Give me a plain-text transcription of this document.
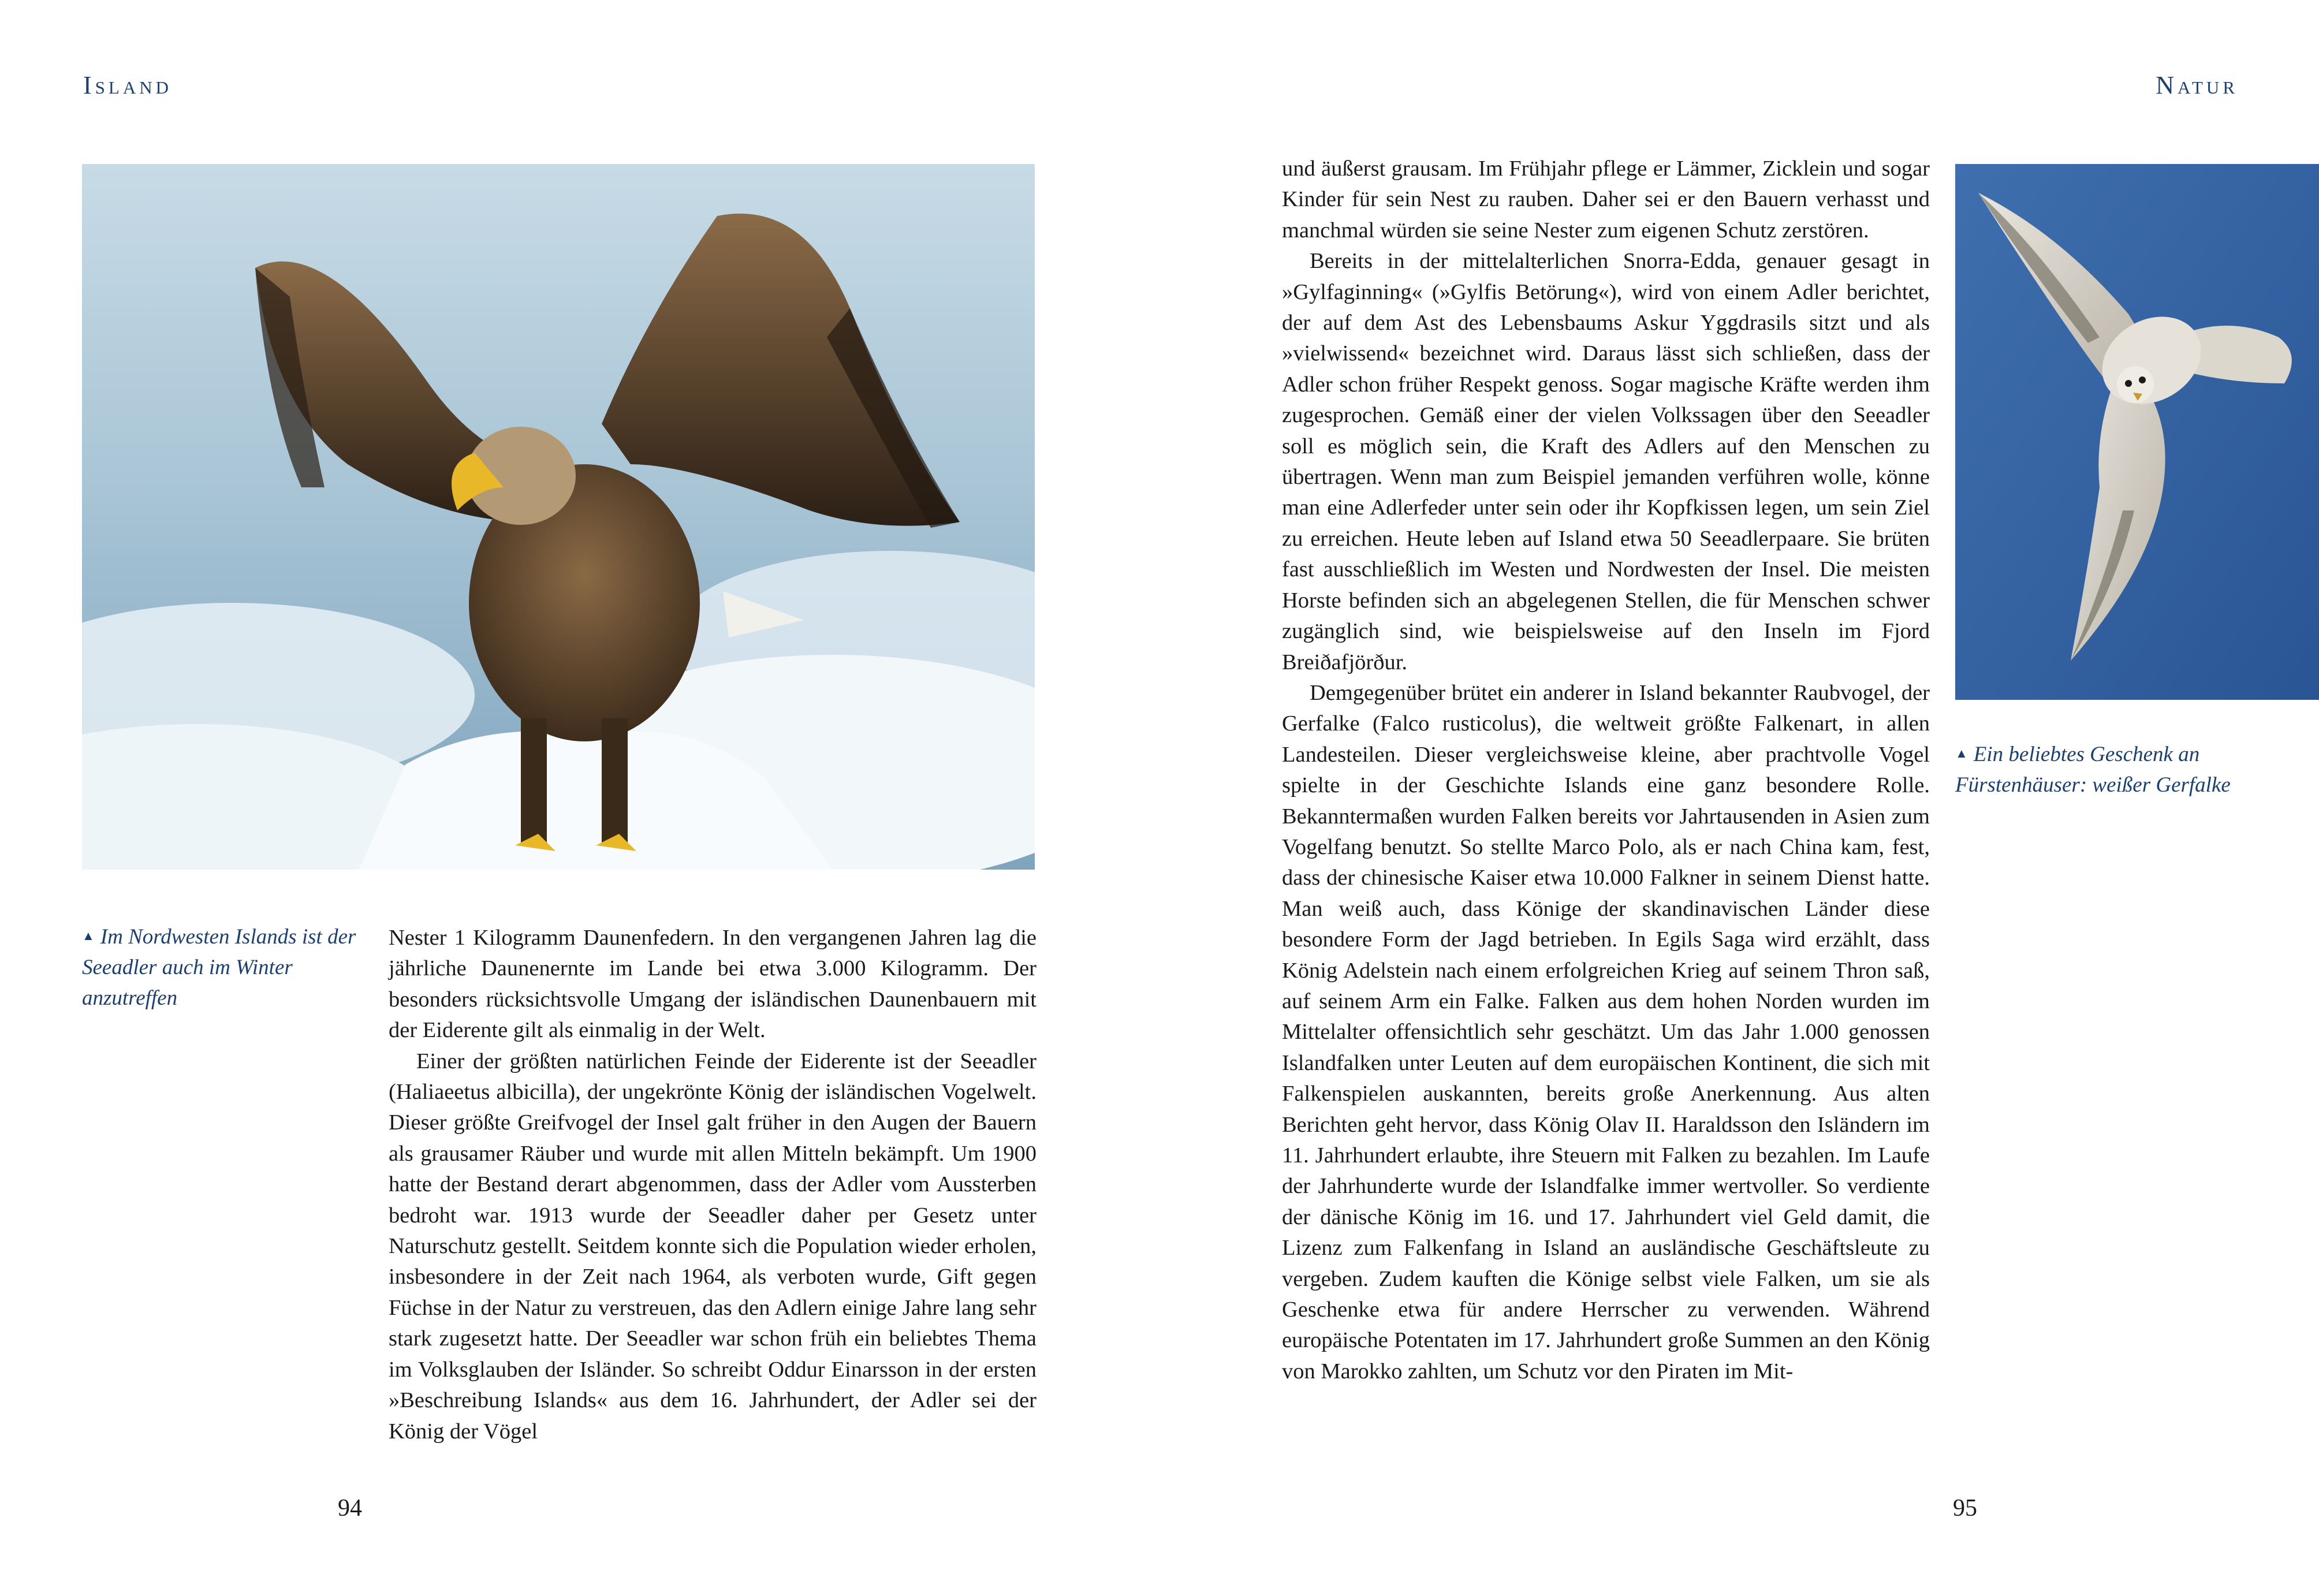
Island
▲ Im Nordwesten Islands ist der Seeadler auch im Winter anzutreffen

Nester 1 Kilogramm Daunenfedern. In den vergangenen Jahren lag die jährliche Daunenernte im Lande bei etwa 3.000 Kilogramm. Der besonders rücksichtsvolle Umgang der isländischen Daunenbauern mit der Eiderente gilt als einmalig in der Welt.

Einer der größten natürlichen Feinde der Eiderente ist der Seeadler (Haliaeetus albicilla), der ungekrönte König der isländischen Vogelwelt. Dieser größte Greifvogel der Insel galt früher in den Augen der Bauern als grausamer Räuber und wurde mit allen Mitteln bekämpft. Um 1900 hatte der Bestand derart abgenommen, dass der Adler vom Aussterben bedroht war. 1913 wurde der Seeadler daher per Gesetz unter Naturschutz gestellt. Seitdem konnte sich die Population wieder erholen, insbesondere in der Zeit nach 1964, als verboten wurde, Gift gegen Füchse in der Natur zu verstreuen, das den Adlern einige Jahre lang sehr stark zugesetzt hatte. Der Seeadler war schon früh ein beliebtes Thema im Volksglauben der Isländer. So schreibt Oddur Einarsson in der ersten »Beschreibung Islands« aus dem 16. Jahrhundert, der Adler sei der König der Vögel

94
Natur

und äußerst grausam. Im Frühjahr pflege er Lämmer, Zicklein und sogar Kinder für sein Nest zu rauben. Daher sei er den Bauern verhasst und manchmal würden sie seine Nester zum eigenen Schutz zerstören.

Bereits in der mittelalterlichen Snorra-Edda, genauer gesagt in »Gylfaginning« (»Gylfis Betörung«), wird von einem Adler berichtet, der auf dem Ast des Lebensbaums Askur Yggdrasils sitzt und als »vielwissend« bezeichnet wird. Daraus lässt sich schließen, dass der Adler schon früher Respekt genoss. Sogar magische Kräfte werden ihm zugesprochen. Gemäß einer der vielen Volkssagen über den Seeadler soll es möglich sein, die Kraft des Adlers auf den Menschen zu übertragen. Wenn man zum Beispiel jemanden verführen wolle, könne man eine Adlerfeder unter sein oder ihr Kopfkissen legen, um sein Ziel zu erreichen. Heute leben auf Island etwa 50 Seeadlerpaare. Sie brüten fast ausschließlich im Westen und Nordwesten der Insel. Die meisten Horste befinden sich an abgelegenen Stellen, die für Menschen schwer zugänglich sind, wie beispielsweise auf den Inseln im Fjord Breiðafjörður.

Demgegenüber brütet ein anderer in Island bekannter Raubvogel, der Gerfalke (Falco rusticolus), die weltweit größte Falkenart, in allen Landesteilen. Dieser vergleichsweise kleine, aber prachtvolle Vogel spielte in der Geschichte Islands eine ganz besondere Rolle. Bekanntermaßen wurden Falken bereits vor Jahrtausenden in Asien zum Vogelfang benutzt. So stellte Marco Polo, als er nach China kam, fest, dass der chinesische Kaiser etwa 10.000 Falkner in seinem Dienst hatte. Man weiß auch, dass Könige der skandinavischen Länder diese besondere Form der Jagd betrieben. In Egils Saga wird erzählt, dass König Adelstein nach einem erfolgreichen Krieg auf seinem Thron saß, auf seinem Arm ein Falke. Falken aus dem hohen Norden wurden im Mittelalter offensichtlich sehr geschätzt. Um das Jahr 1.000 genossen Islandfalken unter Leuten auf dem europäischen Kontinent, die sich mit Falkenspielen auskannten, bereits große Anerkennung. Aus alten Berichten geht hervor, dass König Olav II. Haraldsson den Isländern im 11. Jahrhundert erlaubte, ihre Steuern mit Falken zu bezahlen. Im Laufe der Jahrhunderte wurde der Islandfalke immer wertvoller. So verdiente der dänische König im 16. und 17. Jahrhundert viel Geld damit, die Lizenz zum Falkenfang in Island an ausländische Geschäftsleute zu vergeben. Zudem kauften die Könige selbst viele Falken, um sie als Geschenke etwa für andere Herrscher zu verwenden. Während europäische Potentaten im 17. Jahrhundert große Summen an den König von Marokko zahlten, um Schutz vor den Piraten im Mit-

▲ Ein beliebtes Geschenk an Fürstenhäuser: weißer Gerfalke
95
